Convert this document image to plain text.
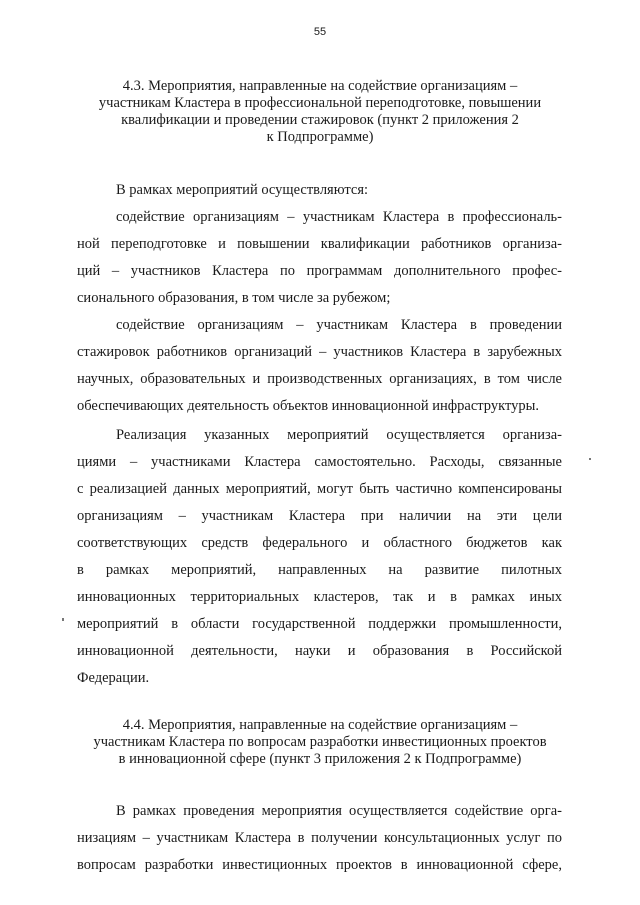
55
4.3. Мероприятия, направленные на содействие организациям –
участникам Кластера в профессиональной переподготовке, повышении
квалификации и проведении стажировок (пункт 2 приложения 2
к Подпрограмме)
В рамках мероприятий осуществляются:
содействие организациям – участникам Кластера в профессиональ-
ной переподготовке и повышении квалификации работников организа-
ций – участников Кластера по программам дополнительного профес-
сионального образования, в том числе за рубежом;
содействие организациям – участникам Кластера в проведении
стажировок работников организаций – участников Кластера в зарубежных
научных, образовательных и производственных организациях, в том числе
обеспечивающих деятельность объектов инновационной инфраструктуры.
Реализация указанных мероприятий осуществляется организа-
циями – участниками Кластера самостоятельно. Расходы, связанные
с реализацией данных мероприятий, могут быть частично компенсированы
организациям – участникам Кластера при наличии на эти цели
соответствующих средств федерального и областного бюджетов как
в рамках мероприятий, направленных на развитие пилотных
инновационных территориальных кластеров, так и в рамках иных
мероприятий в области государственной поддержки промышленности,
инновационной деятельности, науки и образования в Российской
Федерации.
4.4. Мероприятия, направленные на содействие организациям –
участникам Кластера по вопросам разработки инвестиционных проектов
в инновационной сфере (пункт 3 приложения 2 к Подпрограмме)
В рамках проведения мероприятия осуществляется содействие орга-
низациям – участникам Кластера в получении консультационных услуг по
вопросам разработки инвестиционных проектов в инновационной сфере,
